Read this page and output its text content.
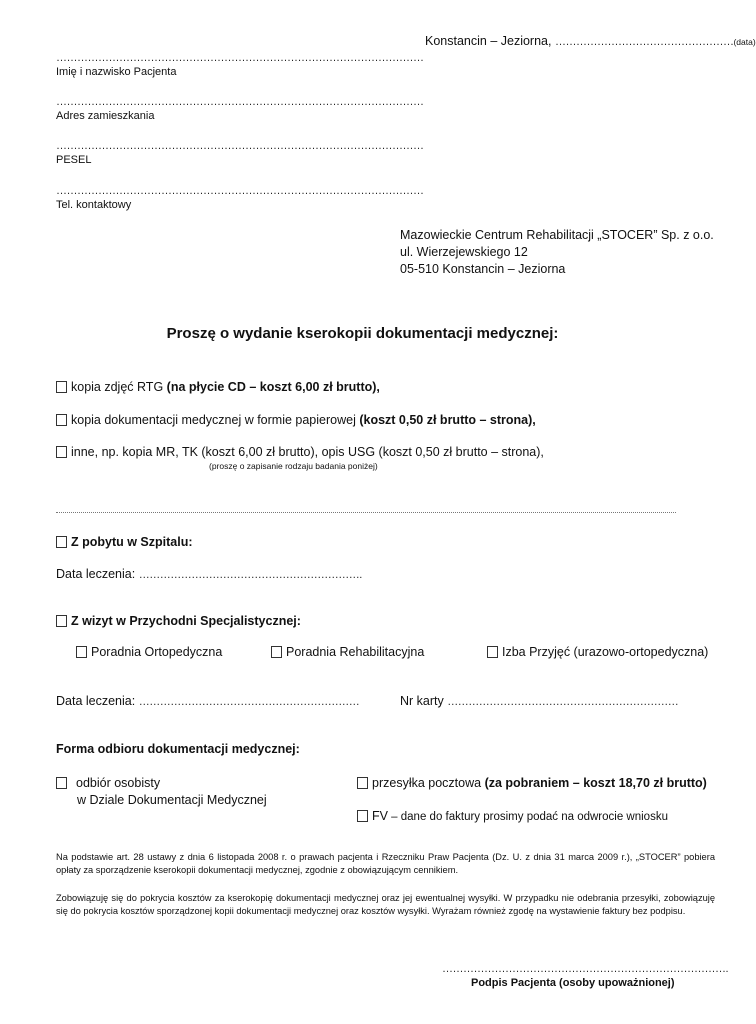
Konstancin – Jeziorna, ……………………………………………(data)
……………………………………………………………………………………………
Imię i nazwisko Pacjenta
……………………………………………………………………………………………
Adres zamieszkania
……………………………………………………………………………………………
PESEL
……………………………………………………………………………………………
Tel. kontaktowy
Mazowieckie Centrum Rehabilitacji „STOCER” Sp. z o.o.
ul. Wierzejewskiego 12
05-510 Konstancin – Jeziorna
Proszę o wydanie kserokopii dokumentacji medycznej:
kopia zdjęć RTG (na płycie CD – koszt 6,00 zł brutto),
kopia dokumentacji medycznej w formie papierowej (koszt 0,50 zł brutto – strona),
inne, np. kopia MR, TK (koszt 6,00 zł brutto), opis USG (koszt 0,50 zł brutto – strona),
(proszę o zapisanie rodzaju badania poniżej)
Z pobytu w Szpitalu:
Data leczenia: ……………………………………………………….
Z wizyt w Przychodni Specjalistycznej:
Poradnia Ortopedyczna	Poradnia Rehabilitacyjna	Izba Przyjęć (urazowo-ortopedyczna)
Data leczenia: ………………………………………………………	Nr karty …………………………………………………………
Forma odbioru dokumentacji medycznej:
odbiór osobisty
w Dziale Dokumentacji Medycznej
przesyłka pocztowa (za pobraniem – koszt 18,70 zł brutto)
FV – dane do faktury prosimy podać na odwrocie wniosku
Na podstawie art. 28 ustawy z dnia 6 listopada 2008 r. o prawach pacjenta i Rzeczniku Praw Pacjenta (Dz. U. z dnia 31 marca 2009 r.), „STOCER” pobiera opłaty za sporządzenie kserokopii dokumentacji medycznej, zgodnie z obowiązującym cennikiem.
Zobowiązuję się do pokrycia kosztów za kserokopię dokumentacji medycznej oraz jej ewentualnej wysyłki. W przypadku nie odebrania przesyłki, zobowiązuję się do pokrycia kosztów sporządzonej kopii dokumentacji medycznej oraz kosztów wysyłki. Wyrażam również zgodę na wystawienie faktury bez podpisu.
……………………………………………………………………….
Podpis Pacjenta (osoby upoważnionej)
